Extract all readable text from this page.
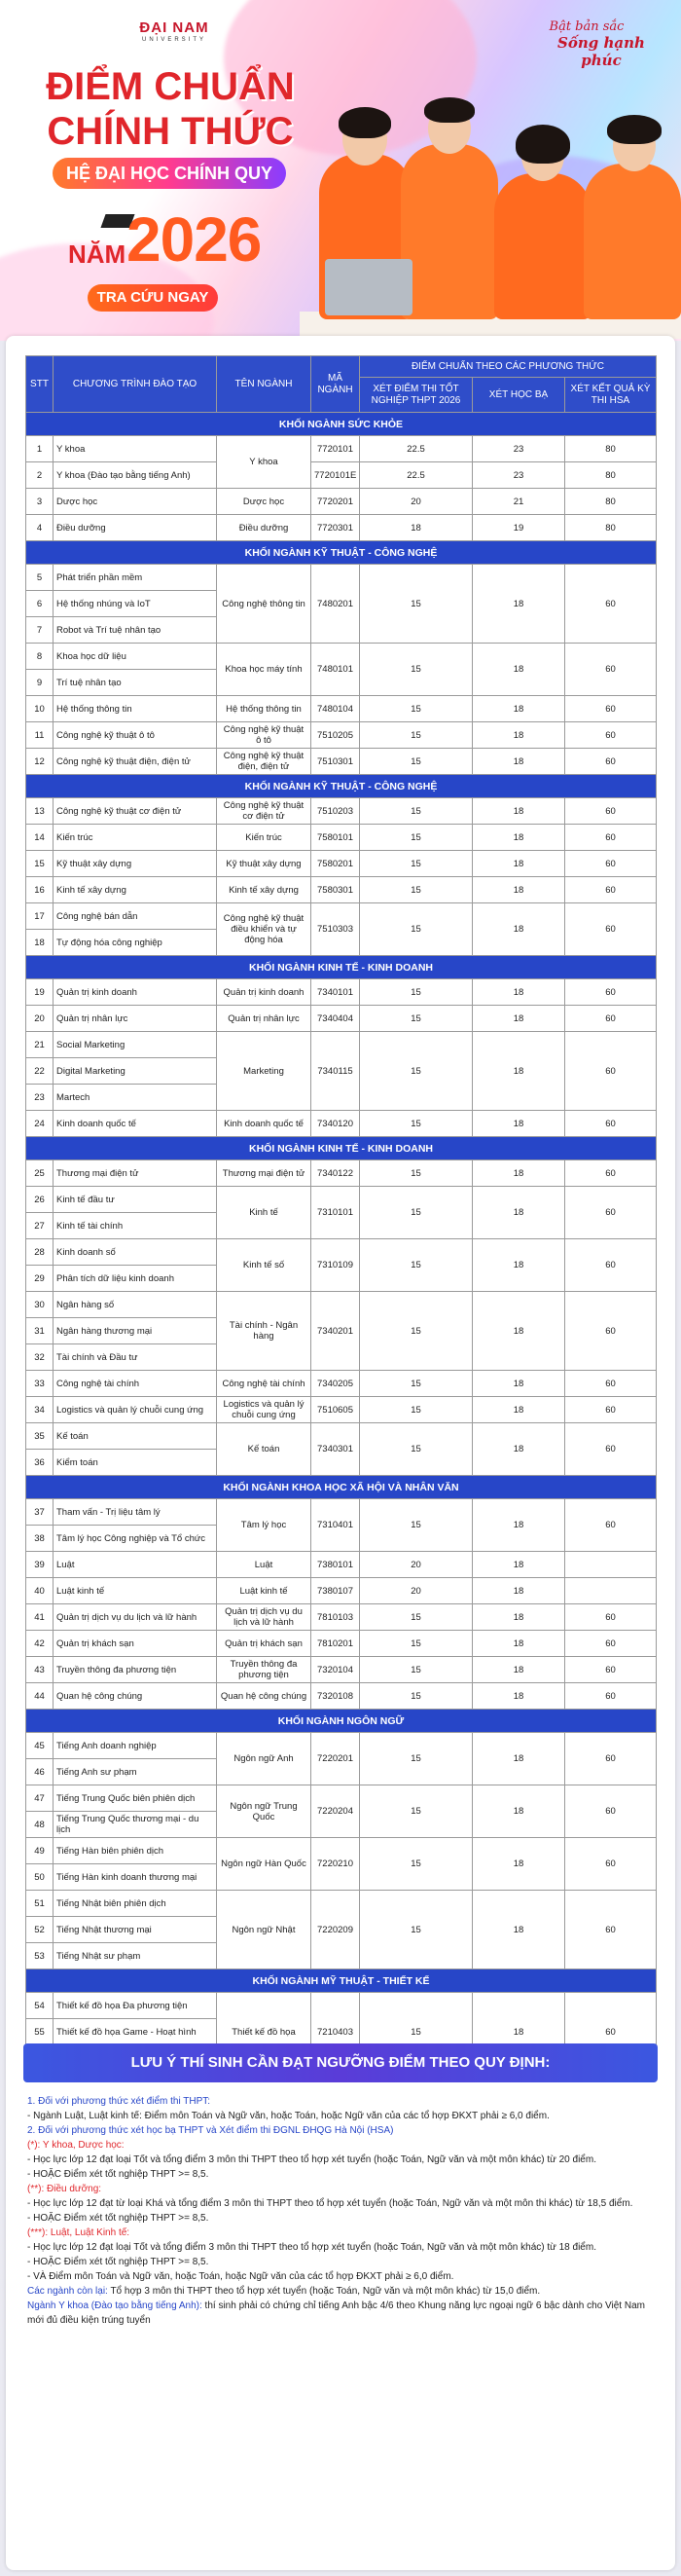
ĐẠI NAM
UNIVERSITY
Bật bản sắc
Sống hạnh phúc
ĐIỂM CHUẨN
CHÍNH THỨC
HỆ ĐẠI HỌC CHÍNH QUY
NĂM 2026
TRA CỨU NGAY
STT	CHƯƠNG TRÌNH ĐÀO TẠO	TÊN NGÀNH	MÃ NGÀNH	ĐIỂM CHUẨN THEO CÁC PHƯƠNG THỨC		
				XÉT ĐIỂM THI TỐT NGHIỆP THPT 2026	XÉT HỌC BẠ	XÉT KẾT QUẢ KỲ THI HSA
KHỐI NGÀNH SỨC KHỎE						
1	Y khoa	Y khoa	7720101	22.5	23	80
2	Y khoa (Đào tạo bằng tiếng Anh)		7720101E	22.5	23	80
3	Dược học	Dược học	7720201	20	21	80
4	Điều dưỡng	Điều dưỡng	7720301	18	19	80
KHỐI NGÀNH KỸ THUẬT - CÔNG NGHỆ						
5	Phát triển phần mềm	Công nghệ thông tin	7480201	15	18	60
6	Hệ thống nhúng và IoT					
7	Robot và Trí tuệ nhân tạo					
8	Khoa học dữ liệu	Khoa học máy tính	7480101	15	18	60
9	Trí tuệ nhân tạo					
10	Hệ thống thông tin	Hệ thống thông tin	7480104	15	18	60
11	Công nghệ kỹ thuật ô tô	Công nghệ kỹ thuật ô tô	7510205	15	18	60
12	Công nghệ kỹ thuật điện, điện tử	Công nghệ kỹ thuật điện, điện tử	7510301	15	18	60
KHỐI NGÀNH KỸ THUẬT - CÔNG NGHỆ						
13	Công nghệ kỹ thuật cơ điện tử	Công nghệ kỹ thuật cơ điện tử	7510203	15	18	60
14	Kiến trúc	Kiến trúc	7580101	15	18	60
15	Kỹ thuật xây dựng	Kỹ thuật xây dựng	7580201	15	18	60
16	Kinh tế xây dựng	Kinh tế xây dựng	7580301	15	18	60
17	Công nghệ bán dẫn	Công nghệ kỹ thuật điều khiển và tự động hóa	7510303	15	18	60
18	Tự động hóa công nghiệp					
KHỐI NGÀNH KINH TẾ - KINH DOANH						
19	Quản trị kinh doanh	Quản trị kinh doanh	7340101	15	18	60
20	Quản trị nhân lực	Quản trị nhân lực	7340404	15	18	60
21	Social Marketing	Marketing	7340115	15	18	60
22	Digital Marketing					
23	Martech					
24	Kinh doanh quốc tế	Kinh doanh quốc tế	7340120	15	18	60
KHỐI NGÀNH KINH TẾ - KINH DOANH						
25	Thương mại điện tử	Thương mại điện tử	7340122	15	18	60
26	Kinh tế đầu tư	Kinh tế	7310101	15	18	60
27	Kinh tế tài chính					
28	Kinh doanh số	Kinh tế số	7310109	15	18	60
29	Phân tích dữ liệu kinh doanh					
30	Ngân hàng số	Tài chính - Ngân hàng	7340201	15	18	60
31	Ngân hàng thương mại					
32	Tài chính và Đầu tư					
33	Công nghệ tài chính	Công nghệ tài chính	7340205	15	18	60
34	Logistics và quản lý chuỗi cung ứng	Logistics và quản lý chuỗi cung ứng	7510605	15	18	60
35	Kế toán	Kế toán	7340301	15	18	60
36	Kiểm toán					
KHỐI NGÀNH KHOA HỌC XÃ HỘI VÀ NHÂN VĂN						
37	Tham vấn - Trị liệu tâm lý	Tâm lý học	7310401	15	18	60
38	Tâm lý học Công nghiệp và Tổ chức					
39	Luật	Luật	7380101	20	18	
40	Luật kinh tế	Luật kinh tế	7380107	20	18	
41	Quản trị dịch vụ du lịch và lữ hành	Quản trị dịch vụ du lịch và lữ hành	7810103	15	18	60
42	Quản trị khách sạn	Quản trị khách sạn	7810201	15	18	60
43	Truyền thông đa phương tiện	Truyền thông đa phương tiện	7320104	15	18	60
44	Quan hệ công chúng	Quan hệ công chúng	7320108	15	18	60
KHỐI NGÀNH NGÔN NGỮ						
45	Tiếng Anh doanh nghiệp	Ngôn ngữ Anh	7220201	15	18	60
46	Tiếng Anh sư phạm					
47	Tiếng Trung Quốc biên phiên dịch	Ngôn ngữ Trung Quốc	7220204	15	18	60
48	Tiếng Trung Quốc thương mại - du lịch					
49	Tiếng Hàn biên phiên dịch	Ngôn ngữ Hàn Quốc	7220210	15	18	60
50	Tiếng Hàn kinh doanh thương mại					
51	Tiếng Nhật biên phiên dịch	Ngôn ngữ Nhật	7220209	15	18	60
52	Tiếng Nhật thương mại					
53	Tiếng Nhật sư phạm					
KHỐI NGÀNH MỸ THUẬT - THIẾT KẾ						
54	Thiết kế đồ họa Đa phương tiện	Thiết kế đồ họa	7210403	15	18	60
55	Thiết kế đồ họa Game - Hoạt hình					

LƯU Ý THÍ SINH CẦN ĐẠT NGƯỠNG ĐIỂM THEO QUY ĐỊNH:
1. Đối với phương thức xét điểm thi THPT:
- Ngành Luật, Luật kinh tế: Điểm môn Toán và Ngữ văn, hoặc Toán, hoặc Ngữ văn của các tổ hợp ĐKXT phải ≥ 6,0 điểm.
2. Đối với phương thức xét học bạ THPT và Xét điểm thi ĐGNL ĐHQG Hà Nội (HSA)
(*): Y khoa, Dược học:
- Học lực lớp 12 đạt loại Tốt và tổng điểm 3 môn thi THPT theo tổ hợp xét tuyển (hoặc Toán, Ngữ văn và một môn khác) từ 20 điểm.
- HOẶC Điểm xét tốt nghiệp THPT >= 8,5.
(**): Điều dưỡng:
- Học lực lớp 12 đạt từ loại Khá và tổng điểm 3 môn thi THPT theo tổ hợp xét tuyển (hoặc Toán, Ngữ văn và một môn thi khác) từ 18,5 điểm.
- HOẶC Điểm xét tốt nghiệp THPT >= 8,5.
(***): Luật, Luật Kinh tế:
- Học lực lớp 12 đạt loại Tốt và tổng điểm 3 môn thi THPT theo tổ hợp xét tuyển (hoặc Toán, Ngữ văn và một môn khác) từ 18 điểm.
- HOẶC Điểm xét tốt nghiệp THPT >= 8,5.
- VÀ Điểm môn Toán và Ngữ văn, hoặc Toán, hoặc Ngữ văn của các tổ hợp ĐKXT phải ≥ 6,0 điểm.
Các ngành còn lại: Tổ hợp 3 môn thi THPT theo tổ hợp xét tuyển (hoặc Toán, Ngữ văn và một môn khác) từ 15,0 điểm.
Ngành Y khoa (Đào tạo bằng tiếng Anh): thí sinh phải có chứng chỉ tiếng Anh bậc 4/6 theo Khung năng lực ngoại ngữ 6 bậc dành cho Việt Nam mới đủ điều kiện trúng tuyển
